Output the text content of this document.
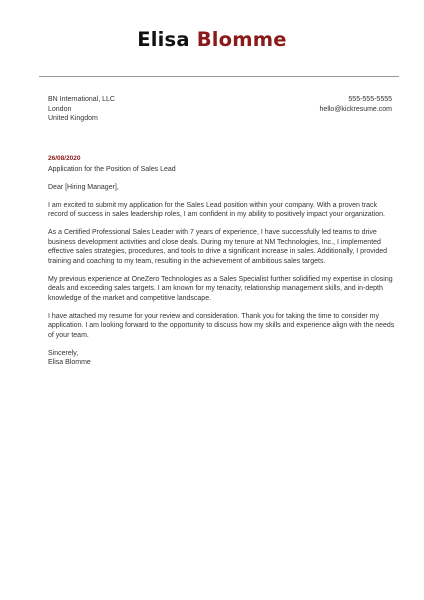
Elisa Blomme
BN International, LLC
London
United Kingdom
555-555-5555
hello@kickresume.com
26/08/2020

Application for the Position of Sales Lead

Dear [Hiring Manager],

I am excited to submit my application for the Sales Lead position within your company. With a proven track record of success in sales leadership roles, I am confident in my ability to positively impact your organization.

As a Certified Professional Sales Leader with 7 years of experience, I have successfully led teams to drive business development activities and close deals. During my tenure at NM Technologies, Inc., I implemented effective sales strategies, procedures, and tools to drive a significant increase in sales. Additionally, I provided training and coaching to my team, resulting in the achievement of ambitious sales targets.

My previous experience at OneZero Technologies as a Sales Specialist further solidified my expertise in closing deals and exceeding sales targets. I am known for my tenacity, relationship management skills, and in-depth knowledge of the market and competitive landscape.

I have attached my resume for your review and consideration. Thank you for taking the time to consider my application. I am looking forward to the opportunity to discuss how my skills and experience align with the needs of your team.

Sincerely,
Elisa Blomme
